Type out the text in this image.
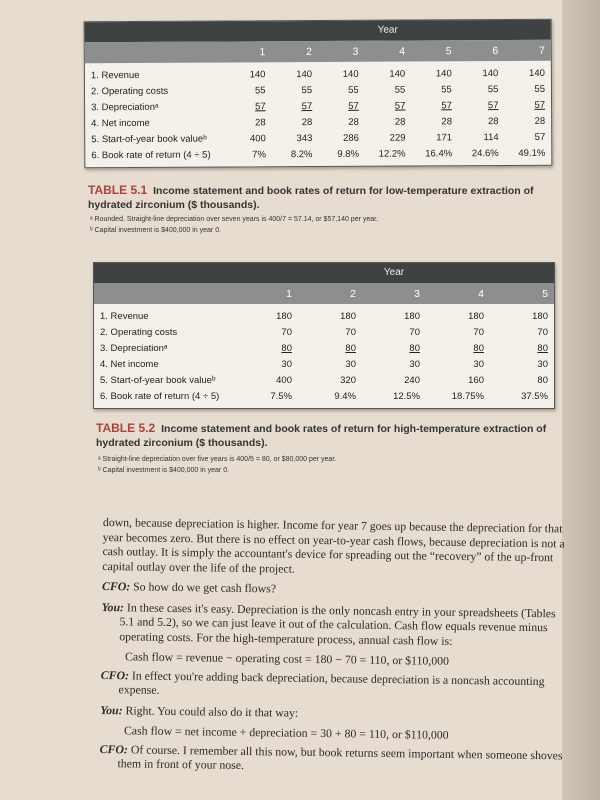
Year
1	2	3	4	5	6	7
1. Revenue	140	140	140	140	140	140	140
2. Operating costs	55	55	55	55	55	55	55
3. Depreciationᵃ	57	57	57	57	57	57	57
4. Net income	28	28	28	28	28	28	28
5. Start-of-year book valueᵇ	400	343	286	229	171	114	57
6. Book rate of return (4 ÷ 5)	7%	8.2%	9.8%	12.2%	16.4%	24.6%	49.1%
TABLE 5.1 Income statement and book rates of return for low-temperature extraction of hydrated zirconium ($ thousands).
ᵃ Rounded. Straight-line depreciation over seven years is 400/7 = 57.14, or $57,140 per year.
ᵇ Capital investment is $400,000 in year 0.
Year
1	2	3	4	5
1. Revenue	180	180	180	180	180
2. Operating costs	70	70	70	70	70
3. Depreciationᵃ	80	80	80	80	80
4. Net income	30	30	30	30	30
5. Start-of-year book valueᵇ	400	320	240	160	80
6. Book rate of return (4 ÷ 5)	7.5%	9.4%	12.5%	18.75%	37.5%
TABLE 5.2 Income statement and book rates of return for high-temperature extraction of hydrated zirconium ($ thousands).
ᵃ Straight-line depreciation over five years is 400/5 = 80, or $80,000 per year.
ᵇ Capital investment is $400,000 in year 0.

down, because depreciation is higher. Income for year 7 goes up because the depreciation for that year becomes zero. But there is no effect on year-to-year cash flows, because depreciation is not a cash outlay. It is simply the accountant's device for spreading out the “recovery” of the up-front capital outlay over the life of the project.

CFO: So how do we get cash flows?

You: In these cases it's easy. Depreciation is the only noncash entry in your spreadsheets (Tables 5.1 and 5.2), so we can just leave it out of the calculation. Cash flow equals revenue minus operating costs. For the high-temperature process, annual cash flow is:

Cash flow = revenue − operating cost = 180 − 70 = 110, or $110,000

CFO: In effect you're adding back depreciation, because depreciation is a noncash accounting expense.

You: Right. You could also do it that way:

Cash flow = net income + depreciation = 30 + 80 = 110, or $110,000

CFO: Of course. I remember all this now, but book returns seem important when someone shoves them in front of your nose.
